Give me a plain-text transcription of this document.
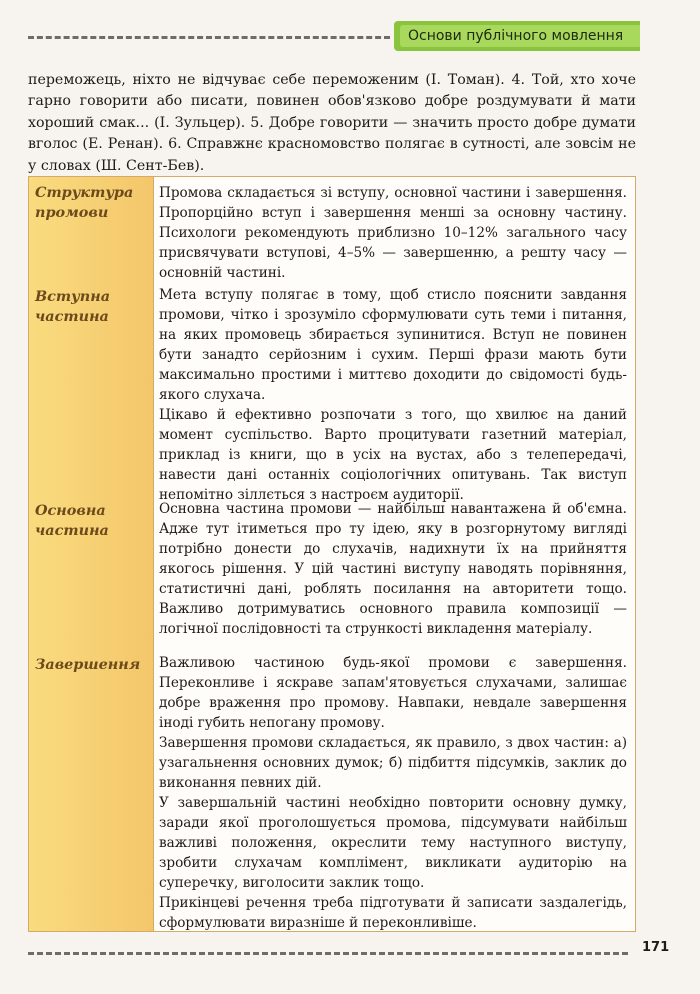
Основи публічного мовлення

переможець, ніхто не відчуває себе переможеним (І. Томан). 4. Той, хто хоче гарно говорити або писати, повинен обов'язково добре роздумувати й мати хороший смак... (І. Зульцер). 5. Добре говорити — значить просто добре думати вголос (Е. Ренан). 6. Справжнє красномовство полягає в сутності, але зовсім не у словах (Ш. Сент-Бев).

Структура промови

Промова складається зі вступу, основної частини і завершення. Пропорційно вступ і завершення менші за основну частину. Психологи рекомендують приблизно 10–12% загального часу присвячувати вступові, 4–5% — завершенню, а решту часу — основній частині.

Вступна частина

Мета вступу полягає в тому, щоб стисло пояснити завдання промови, чітко і зрозуміло сформулювати суть теми і питання, на яких промовець збирається зупинитися. Вступ не повинен бути занадто серйозним і сухим. Перші фрази мають бути максимально простими і миттєво доходити до свідомості будь-якого слухача.

Цікаво й ефективно розпочати з того, що хвилює на даний момент суспільство. Варто процитувати газетний матеріал, приклад із книги, що в усіх на вустах, або з телепередачі, навести дані останніх соціологічних опитувань. Так виступ непомітно зіллється з настроєм аудиторії.

Основна частина

Основна частина промови — найбільш навантажена й об'ємна. Адже тут ітиметься про ту ідею, яку в розгорнутому вигляді потрібно донести до слухачів, надихнути їх на прийняття якогось рішення. У цій частині виступу наводять порівняння, статистичні дані, роблять посилання на авторитети тощо. Важливо дотримуватись основного правила композиції — логічної послідовності та стрункості викладення матеріалу.

Завершення	Важливою частиною будь-якої промови є завершення. Переконливе і яскраве запам'ятовується слухачами, залишає добре враження про промову. Навпаки, невдале завершення іноді губить непогану промову.

Завершення промови складається, як правило, з двох частин: а) узагальнення основних думок; б) підбиття підсумків, заклик до виконання певних дій.

У завершальній частині необхідно повторити основну думку, заради якої проголошується промова, підсумувати найбільш важливі положення, окреслити тему наступного виступу, зробити слухачам комплімент, викликати аудиторію на суперечку, виголосити заклик тощо.

Прикінцеві речення треба підготувати й записати заздалегідь, сформулювати виразніше й переконливіше.

171
